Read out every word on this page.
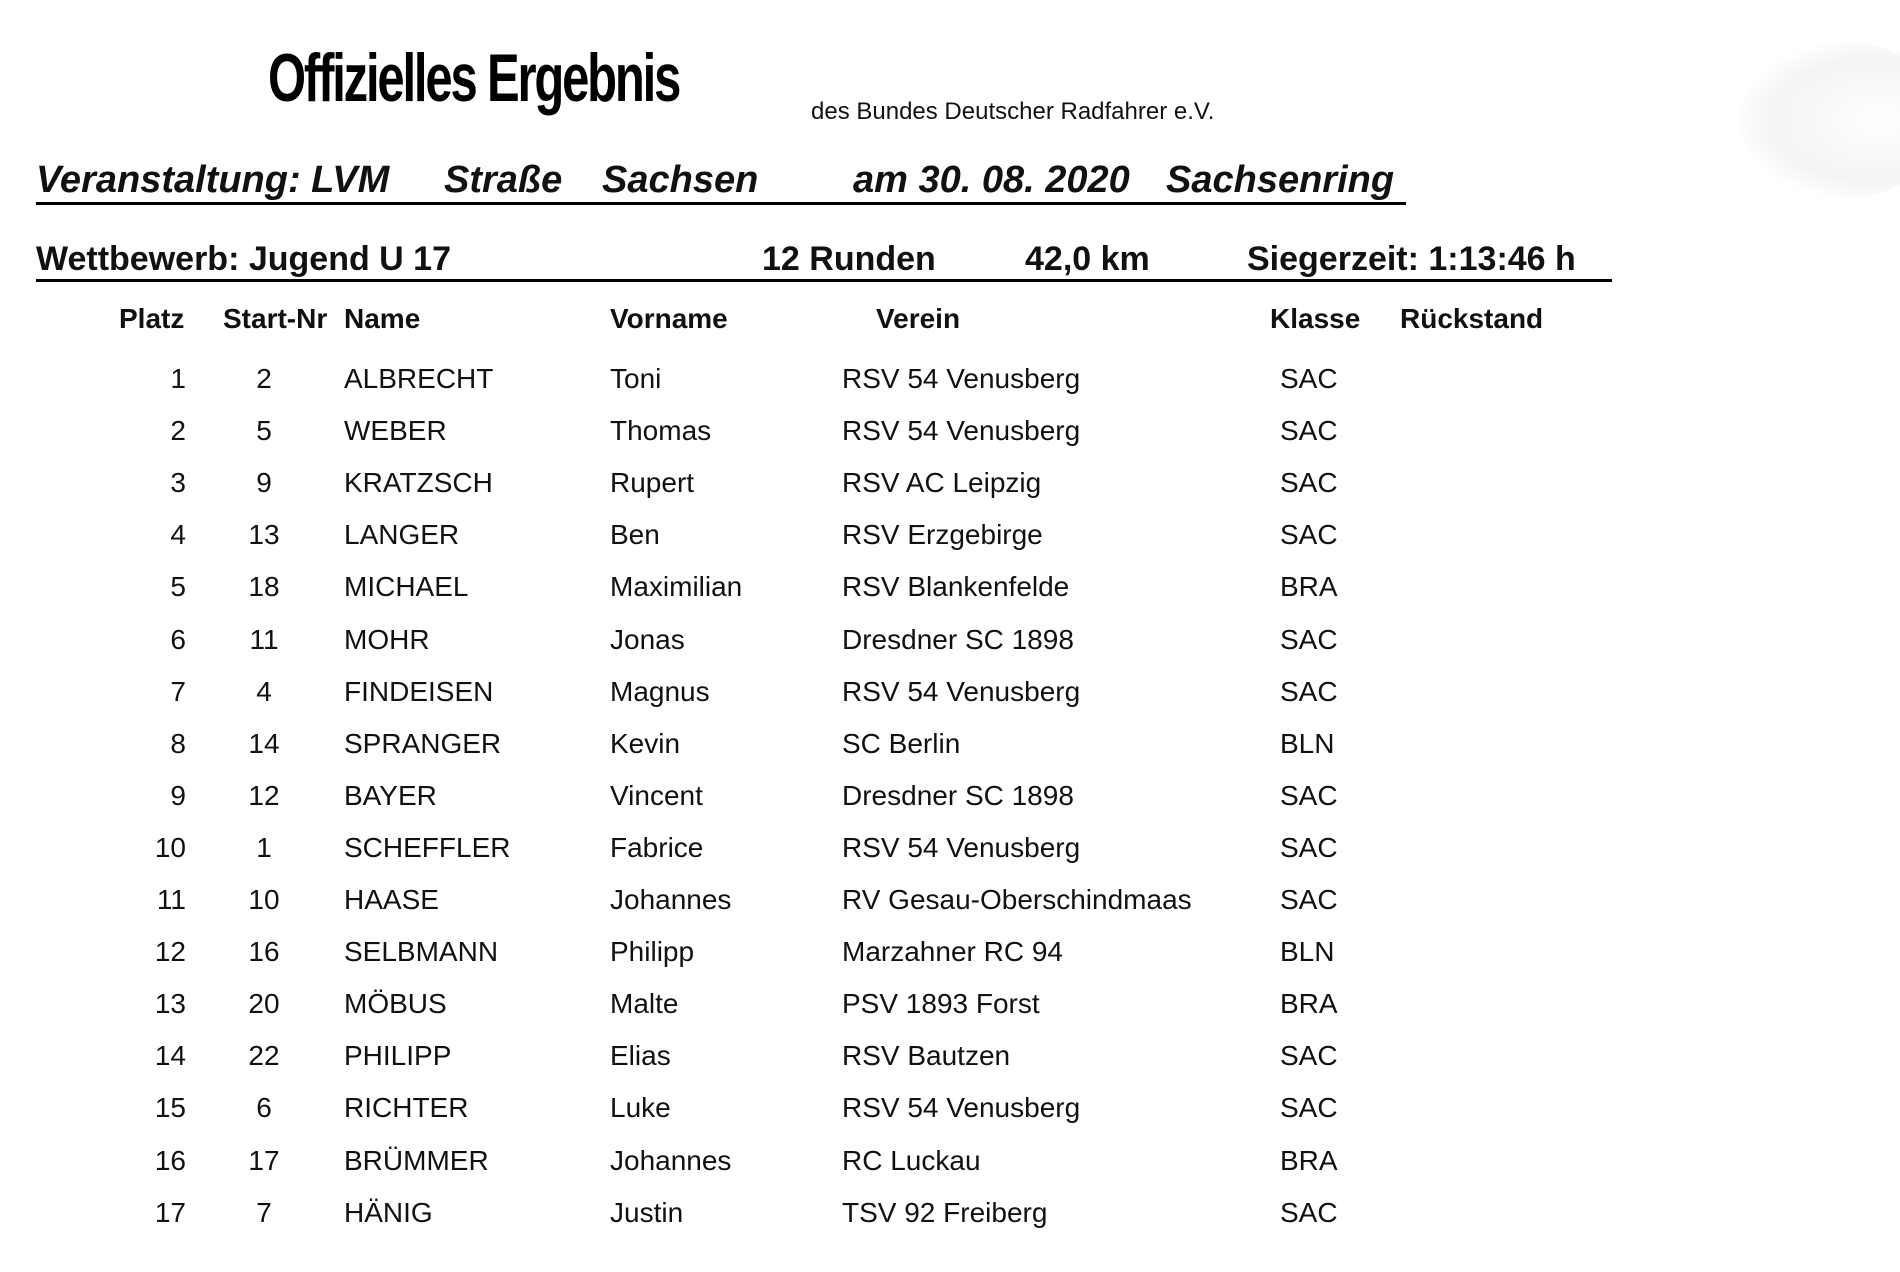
Offizielles Ergebnis	des Bundes Deutscher Radfahrer e.V.
Veranstaltung: LVM Straße Sachsen am 30. 08. 2020 Sachsenring
Wettbewerb: Jugend U 17	12 Runden	42,0 km	Siegerzeit: 1:13:46 h
Platz Start-Nr Name	Vorname	Verein	Klasse Rückstand
1	2	ALBRECHT	Toni	RSV 54 Venusberg	SAC
2	5	WEBER	Thomas	RSV 54 Venusberg	SAC
3	9	KRATZSCH	Rupert	RSV AC Leipzig	SAC
4	13	LANGER	Ben	RSV Erzgebirge	SAC
5	18	MICHAEL	Maximilian	RSV Blankenfelde	BRA
6	11	MOHR	Jonas	Dresdner SC 1898	SAC
7	4	FINDEISEN	Magnus	RSV 54 Venusberg	SAC
8	14	SPRANGER	Kevin	SC Berlin	BLN
9	12	BAYER	Vincent	Dresdner SC 1898	SAC
10	1	SCHEFFLER	Fabrice	RSV 54 Venusberg	SAC
11	10	HAASE	Johannes	RV Gesau-Oberschindmaas	SAC
12	16	SELBMANN	Philipp	Marzahner RC 94	BLN
13	20	MÖBUS	Malte	PSV 1893 Forst	BRA
14	22	PHILIPP	Elias	RSV Bautzen	SAC
15	6	RICHTER	Luke	RSV 54 Venusberg	SAC
16	17	BRÜMMER	Johannes	RC Luckau	BRA
17	7	HÄNIG	Justin	TSV 92 Freiberg	SAC
